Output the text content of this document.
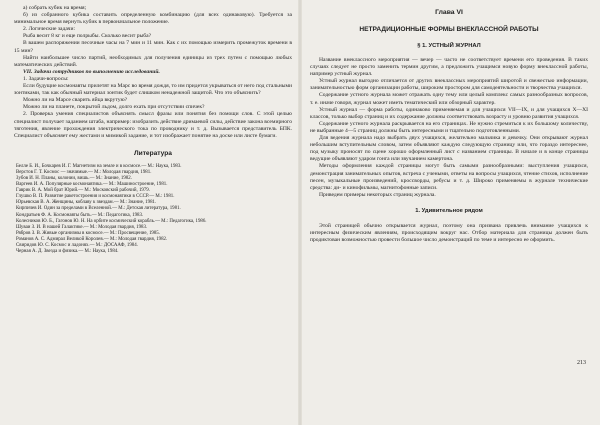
а) собрать кубик на время;

б) из собранного кубика составить определенную комбинацию (для всех одинаковую). Требуется за минимальное время вернуть кубик в первоначальное положение.

2. Логические задачи:

Рыба весит 8 кг и еще полрыбы. Сколько весит рыба?

В вашем распоряжении песочные часы на 7 мин и 11 мин. Как с их помощью измерить промежуток времени в 15 мин?

Найти наибольшее число партий, необходимых для получения единицы из трех путем с помощью любых математических действий.

VII. Задачи сотрудников по выполнению исследований.

1. Задачи-вопросы:

Если будущие космонавты прилетят на Марс во время дождя, то им придется укрываться от него под стальными зонтиками, так как обычный материал зонтик будет слишком ненадежной защитой. Что это объяснить?

Можно ли на Марсе сварить яйца вкрутую?

Можно ли на планете, покрытой льдом, долго ехать при отсутствии спичек?

2. Проверка умения специалистов объяснять смысл фразы или понятия без помощи слов. С этой целью специалист получает заданием штаба, например: изобразить действие дримаевой силы, действие закона всемирного тяготения, явление прохождения электрического тока по проводнику и т. д. Вызывается представитель БПК. Специалист объясняет ему жестами и мимикой задание, и тот изображает понятие на доске или листе бумаги.

Литература

Белле Б. И., Бочкарев И. Г. Магнетизм на земле и в космосе.— М.: Наука, 1983.

Верстов Г. Т. Космос — значимые.— М.: Молодая гвардия, 1981.

Зубов И. Н. Планы, колонии, вишь.— М.: Знание, 1982.

Варгеев И. А. Популярные космонавтика.— М.: Машиностроение, 1981.

Гаврик В. А. Мой брат Юрий.— М.: Московский рабочий, 1979.

Глушко В. П. Развитие ракетостроения и космонавтики в СССР.— М.: 1981.

Юрьевская В. А. Женщины, коблаву к звездам.— М.: Знание, 1981.

Кирпичев И. Один за пределами в Вселенной.— М.: Детская литература, 1981.

Кондратьев Ф. А. Космонавты быть.— М.: Педагогика, 1983.

Колесников Ю. Б., Гагонов Ю. Н. На орбите космический корабль.— М.: Педагогика, 1986.

Шуваи З. И. В нашей Галактике.— М.: Молодая гвардия, 1983.

Рябров З. В. Живые организмы в космосе.— М.: Просвещение, 1985.

Романов А. С. Адмирал Великой Королев.— М.: Молодая гвардия, 1982.

Свиридов Ю. С. Космос и ладонях.— М.: ДОСААФ, 1984.

Черная А. Д. Звезда и физика.— М.: Наука, 1984.

Глава VI
НЕТРАДИЦИОННЫЕ ФОРМЫ ВНЕКЛАССНОЙ РАБОТЫ
§ 1. УСТНЫЙ ЖУРНАЛ

Название внеклассного мероприятия — вечер — часто не соответствует времени его проведения. В таких случаях следует не просто заменить термин другим, а предложить учащимся новую форму внеклассной работы, например устный журнал.

Устный журнал выгодно отличается от других внеклассных мероприятий широтой и свежестью информации, занимательностью форм организации работы, широким простором для самодеятельности и творчества учащихся.

Содержание устного журнала может отражать одну тему или целый комплекс самых разнообразных вопросов, т. е. иначе говоря, журнал может иметь тематический или обзорный характер.

Устный журнал — форма работы, одинаково применяемая и для учащихся VII—IX, и для учащихся X—XI классов, только выбор страниц и их содержание должны соответствовать возрасту и уровню развития учащихся.

Содержание устного журнала раскрывается на его страницах. Не нужно стремиться к их большому количеству, не выбранные 4—5 страниц должны быть интересными и тщательно подготовленными.

Для ведения журнала надо выбрать двух учащихся, желательно мальчика и девочку. Они открывают журнал небольшим вступительным словом, затем объявляют каждую следующую страницу или, что гораздо интереснее, под музыку проносят по сцене хорошо оформленный лист с названием страницы. В начале и в конце страницы ведущие объявляют ударом гонга или звучанием камертона.

Методы оформления каждой страницы могут быть самыми разнообразными: выступления учащихся, демонстрация занимательных опытов, встреча с учеными, ответы на вопросы учащихся, чтение стихов, исполнение песен, музыкальные произведений, кроссворды, ребусы и т. д. Широко применяемы в журнале технические средства: ди- и кинофильмы, магнитофонные записи.

Приведем примеры некоторых страниц журнала.

1. Удивительное рядом

Этой страницей обычно открывается журнал, поэтому она призвана привлечь внимание учащихся к интересным физическим явлениям, происходящим вокруг нас. Отбор материала для страницы должен быть продиктован возможностью провести большое число демонстраций по теме и интересно ее оформить.

213
